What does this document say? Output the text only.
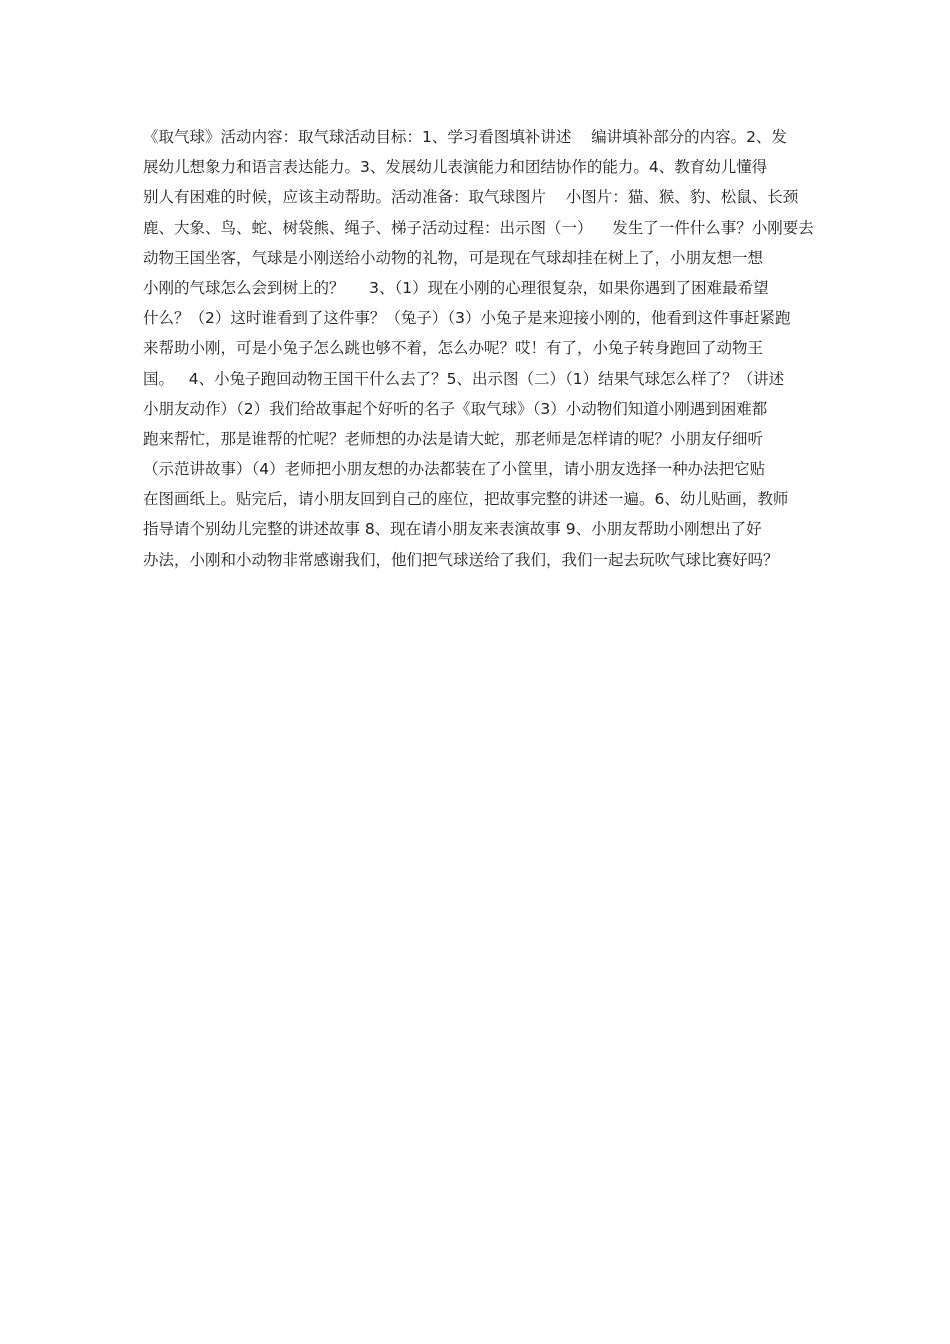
《取气球》活动内容：取气球活动目标：1、学习看图填补讲述    编讲填补部分的内容。2、发
展幼儿想象力和语言表达能力。3、发展幼儿表演能力和团结协作的能力。4、教育幼儿懂得
别人有困难的时候，应该主动帮助。活动准备：取气球图片    小图片：猫、猴、豹、松鼠、长颈
鹿、大象、鸟、蛇、树袋熊、绳子、梯子活动过程：出示图（一）    发生了一件什么事？小刚要去
动物王国坐客，气球是小刚送给小动物的礼物，可是现在气球却挂在树上了，小朋友想一想
小刚的气球怎么会到树上的？     3、（1）现在小刚的心理很复杂，如果你遇到了困难最希望
什么？（2）这时谁看到了这件事？（兔子）（3）小兔子是来迎接小刚的，他看到这件事赶紧跑
来帮助小刚，可是小兔子怎么跳也够不着，怎么办呢？哎！有了，小兔子转身跑回了动物王
国。   4、小兔子跑回动物王国干什么去了？5、出示图（二）（1）结果气球怎么样了？（讲述
小朋友动作）（2）我们给故事起个好听的名子《取气球》（3）小动物们知道小刚遇到困难都
跑来帮忙，那是谁帮的忙呢？老师想的办法是请大蛇，那老师是怎样请的呢？小朋友仔细听
（示范讲故事）（4）老师把小朋友想的办法都装在了小筐里，请小朋友选择一种办法把它贴
在图画纸上。贴完后，请小朋友回到自己的座位，把故事完整的讲述一遍。6、幼儿贴画，教师
指导请个别幼儿完整的讲述故事 8、现在请小朋友来表演故事 9、小朋友帮助小刚想出了好
办法，小刚和小动物非常感谢我们，他们把气球送给了我们，我们一起去玩吹气球比赛好吗？
